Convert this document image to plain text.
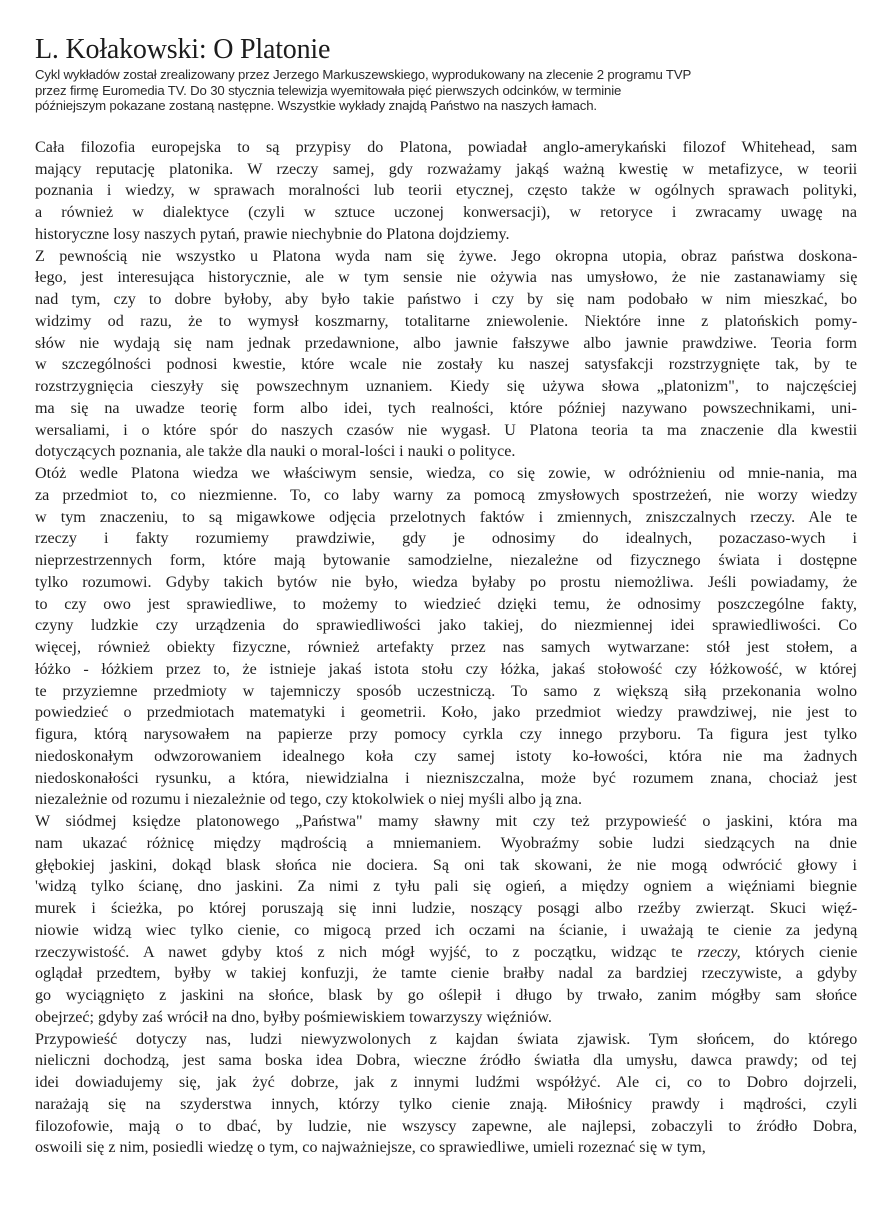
L. Kołakowski: O Platonie
Cykl wykładów został zrealizowany przez Jerzego Markuszewskiego, wyprodukowany na zlecenie 2 programu TVP
przez firmę Euromedia TV. Do 30 stycznia telewizja wyemitowała pięć pierwszych odcinków, w terminie
późniejszym pokazane zostaną następne. Wszystkie wykłady znajdą Państwo na naszych łamach.
Cała filozofia europejska to są przypisy do Platona, powiadał anglo-amerykański filozof Whitehead, sam
mający reputację platonika. W rzeczy samej, gdy rozważamy jakąś ważną kwestię w metafizyce, w teorii
poznania i wiedzy, w sprawach moralności lub teorii etycznej, często także w ogólnych sprawach polityki,
a również w dialektyce (czyli w sztuce uczonej konwersacji), w retoryce i zwracamy uwagę na
historyczne losy naszych pytań, prawie niechybnie do Platona dojdziemy.
Z pewnością nie wszystko u Platona wyda nam się żywe. Jego okropna utopia, obraz państwa doskona-
łego, jest interesująca historycznie, ale w tym sensie nie ożywia nas umysłowo, że nie zastanawiamy się
nad tym, czy to dobre byłoby, aby było takie państwo i czy by się nam podobało w nim mieszkać, bo
widzimy od razu, że to wymysł koszmarny, totalitarne zniewolenie. Niektóre inne z platońskich pomy-
słów nie wydają się nam jednak przedawnione, albo jawnie fałszywe albo jawnie prawdziwe. Teoria form
w szczególności podnosi kwestie, które wcale nie zostały ku naszej satysfakcji rozstrzygnięte tak, by te
rozstrzygnięcia cieszyły się powszechnym uznaniem. Kiedy się używa słowa „platonizm", to najczęściej
ma się na uwadze teorię form albo idei, tych realności, które później nazywano powszechnikami, uni-
wersaliami, i o które spór do naszych czasów nie wygasł. U Platona teoria ta ma znaczenie dla kwestii
dotyczących poznania, ale także dla nauki o moral-lości i nauki o polityce.
Otóż wedle Platona wiedza we właściwym sensie, wiedza, co się zowie, w odróżnieniu od mnie-nania, ma
za przedmiot to, co niezmienne. To, co laby warny za pomocą zmysłowych spostrzeżeń, nie worzy wiedzy
w tym znaczeniu, to są migawkowe odjęcia przelotnych faktów i zmiennych, zniszczalnych rzeczy. Ale te
rzeczy i fakty rozumiemy prawdziwie, gdy je odnosimy do idealnych, pozaczaso-wych i
nieprzestrzennych form, które mają bytowanie samodzielne, niezależne od fizycznego świata i dostępne
tylko rozumowi. Gdyby takich bytów nie było, wiedza byłaby po prostu niemożliwa. Jeśli powiadamy, że
to czy owo jest sprawiedliwe, to możemy to wiedzieć dzięki temu, że odnosimy poszczególne fakty,
czyny ludzkie czy urządzenia do sprawiedliwości jako takiej, do niezmiennej idei sprawiedliwości. Co
więcej, również obiekty fizyczne, również artefakty przez nas samych wytwarzane: stół jest stołem, a
łóżko - łóżkiem przez to, że istnieje jakaś istota stołu czy łóżka, jakaś stołowość czy łóżkowość, w której
te przyziemne przedmioty w tajemniczy sposób uczestniczą. To samo z większą siłą przekonania wolno
powiedzieć o przedmiotach matematyki i geometrii. Koło, jako przedmiot wiedzy prawdziwej, nie jest to
figura, którą narysowałem na papierze przy pomocy cyrkla czy innego przyboru. Ta figura jest tylko
niedoskonałym odwzorowaniem idealnego koła czy samej istoty ko-łowości, która nie ma żadnych
niedoskonałości rysunku, a która, niewidzialna i niezniszczalna, może być rozumem znana, chociaż jest
niezależnie od rozumu i niezależnie od tego, czy ktokolwiek o niej myśli albo ją zna.
W siódmej księdze platonowego „Państwa" mamy sławny mit czy też przypowieść o jaskini, która ma
nam ukazać różnicę między mądrością a mniemaniem. Wyobraźmy sobie ludzi siedzących na dnie
głębokiej jaskini, dokąd blask słońca nie dociera. Są oni tak skowani, że nie mogą odwrócić głowy i
'widzą tylko ścianę, dno jaskini. Za nimi z tyłu pali się ogień, a między ogniem a więźniami biegnie
murek i ścieżka, po której poruszają się inni ludzie, noszący posągi albo rzeźby zwierząt. Skuci więź-
niowie widzą wiec tylko cienie, co migocą przed ich oczami na ścianie, i uważają te cienie za jedyną
rzeczywistość. A nawet gdyby ktoś z nich mógł wyjść, to z początku, widząc te rzeczy, których cienie
oglądał przedtem, byłby w takiej konfuzji, że tamte cienie brałby nadal za bardziej rzeczywiste, a gdyby
go wyciągnięto z jaskini na słońce, blask by go oślepił i długo by trwało, zanim mógłby sam słońce
obejrzeć; gdyby zaś wrócił na dno, byłby pośmiewiskiem towarzyszy więźniów.
Przypowieść dotyczy nas, ludzi niewyzwolonych z kajdan świata zjawisk. Tym słońcem, do którego
nieliczni dochodzą, jest sama boska idea Dobra, wieczne źródło światła dla umysłu, dawca prawdy; od tej
idei dowiadujemy się, jak żyć dobrze, jak z innymi ludźmi współżyć. Ale ci, co to Dobro dojrzeli,
narażają się na szyderstwa innych, którzy tylko cienie znają. Miłośnicy prawdy i mądrości, czyli
filozofowie, mają o to dbać, by ludzie, nie wszyscy zapewne, ale najlepsi, zobaczyli to źródło Dobra,
oswoili się z nim, posiedli wiedzę o tym, co najważniejsze, co sprawiedliwe, umieli rozeznać się w tym,
